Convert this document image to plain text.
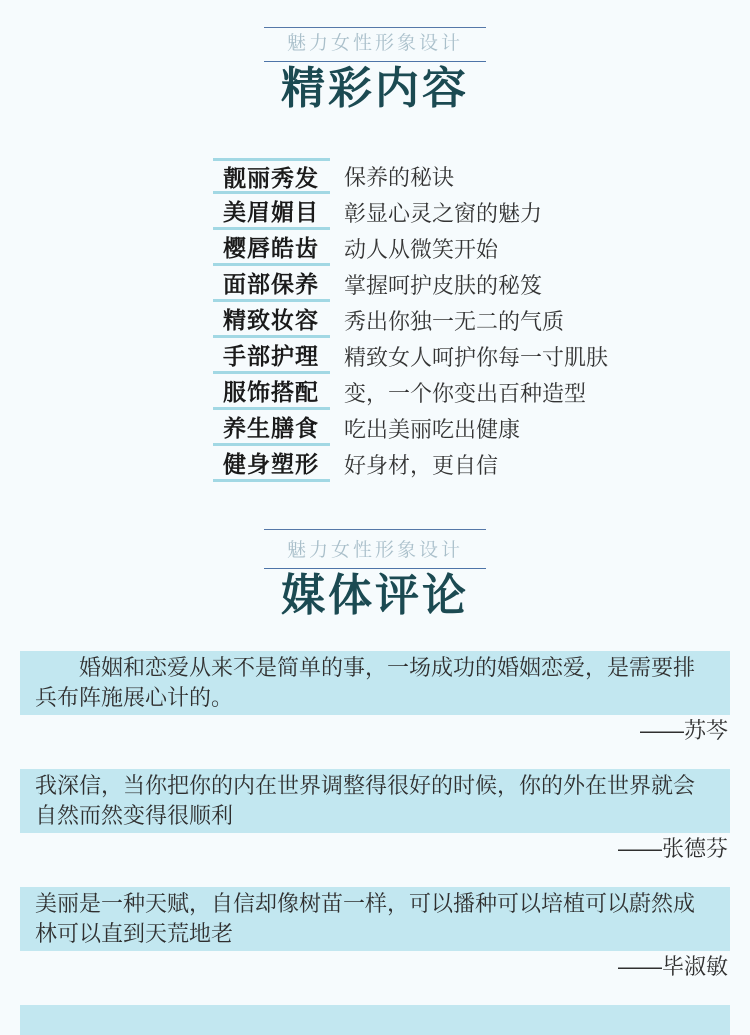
魅力女性形象设计
精彩内容
靓丽秀发	保养的秘诀
美眉媚目	彰显心灵之窗的魅力
樱唇皓齿	动人从微笑开始
面部保养	掌握呵护皮肤的秘笈
精致妆容	秀出你独一无二的气质
手部护理	精致女人呵护你每一寸肌肤
服饰搭配	变，一个你变出百种造型
养生膳食	吃出美丽吃出健康
健身塑形	好身材，更自信
魅力女性形象设计
媒体评论
　　婚姻和恋爱从来不是简单的事，一场成功的婚姻恋爱，是需要排兵布阵施展心计的。
——苏芩
我深信，当你把你的内在世界调整得很好的时候，你的外在世界就会自然而然变得很顺利
——张德芬
美丽是一种天赋，自信却像树苗一样，可以播种可以培植可以蔚然成林可以直到天荒地老
——毕淑敏
